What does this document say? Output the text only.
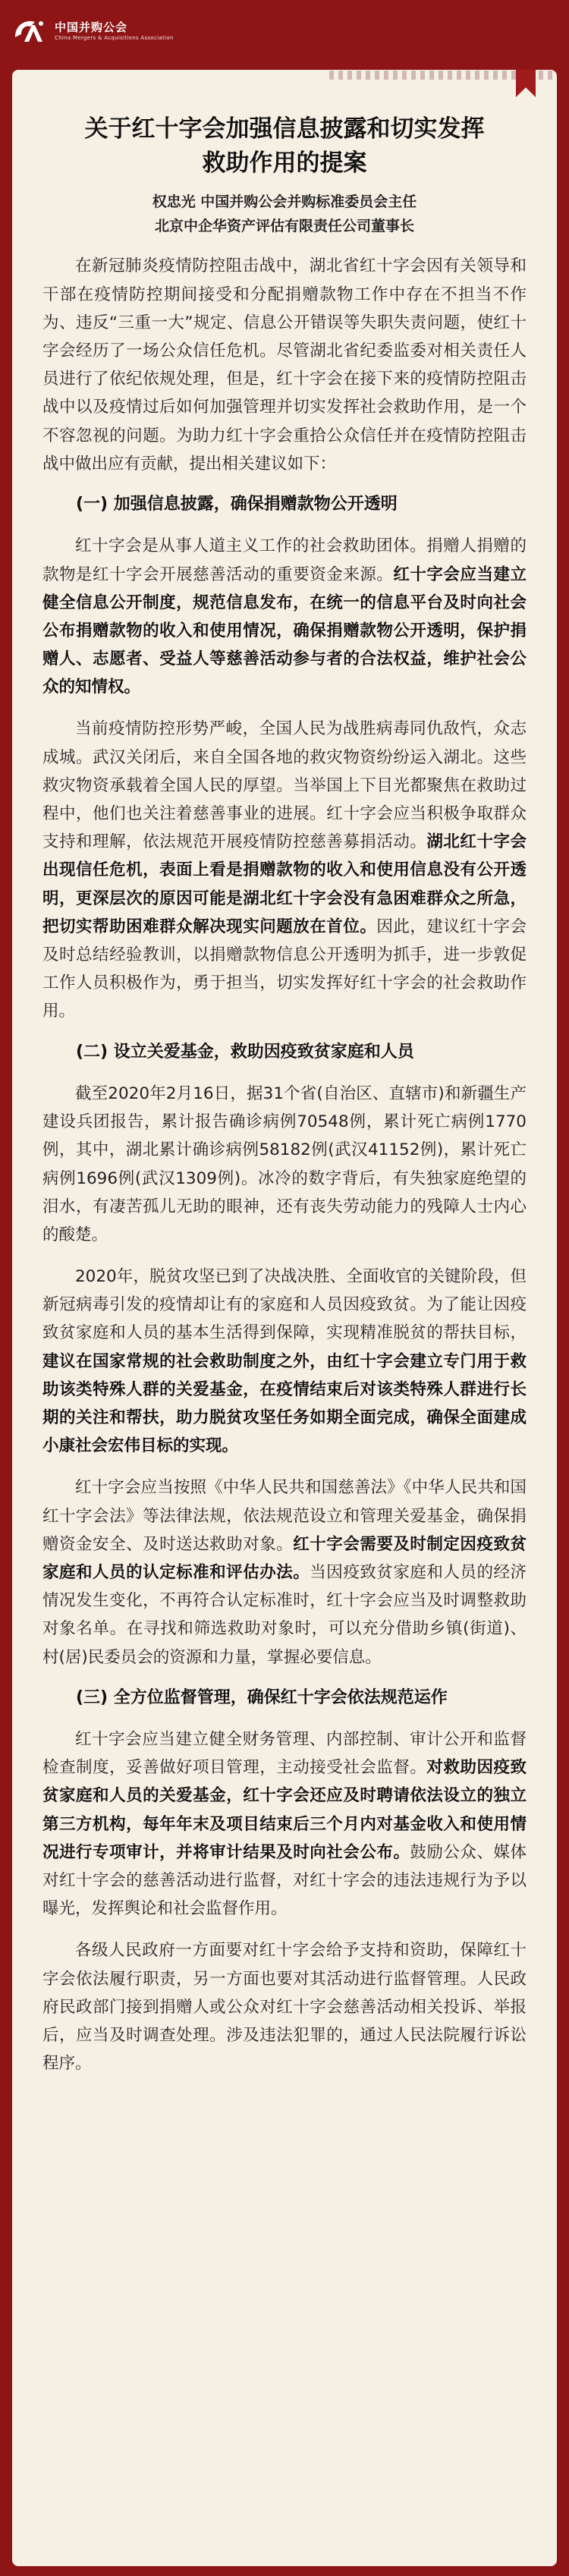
中国并购公会
China Mergers & Acquisitions Association
关于红十字会加强信息披露和切实发挥
救助作用的提案
权忠光 中国并购公会并购标准委员会主任
北京中企华资产评估有限责任公司董事长

在新冠肺炎疫情防控阻击战中，湖北省红十字会因有关领导和干部在疫情防控期间接受和分配捐赠款物工作中存在不担当不作为、违反“三重一大”规定、信息公开错误等失职失责问题，使红十字会经历了一场公众信任危机。尽管湖北省纪委监委对相关责任人员进行了依纪依规处理，但是，红十字会在接下来的疫情防控阻击战中以及疫情过后如何加强管理并切实发挥社会救助作用，是一个不容忽视的问题。为助力红十字会重拾公众信任并在疫情防控阻击战中做出应有贡献，提出相关建议如下：

(一) 加强信息披露，确保捐赠款物公开透明

红十字会是从事人道主义工作的社会救助团体。捐赠人捐赠的款物是红十字会开展慈善活动的重要资金来源。红十字会应当建立健全信息公开制度，规范信息发布，在统一的信息平台及时向社会公布捐赠款物的收入和使用情况，确保捐赠款物公开透明，保护捐赠人、志愿者、受益人等慈善活动参与者的合法权益，维护社会公众的知情权。

当前疫情防控形势严峻，全国人民为战胜病毒同仇敌忾，众志成城。武汉关闭后，来自全国各地的救灾物资纷纷运入湖北。这些救灾物资承载着全国人民的厚望。当举国上下目光都聚焦在救助过程中，他们也关注着慈善事业的进展。红十字会应当积极争取群众支持和理解，依法规范开展疫情防控慈善募捐活动。湖北红十字会出现信任危机，表面上看是捐赠款物的收入和使用信息没有公开透明，更深层次的原因可能是湖北红十字会没有急困难群众之所急，把切实帮助困难群众解决现实问题放在首位。因此，建议红十字会及时总结经验教训，以捐赠款物信息公开透明为抓手，进一步敦促工作人员积极作为，勇于担当，切实发挥好红十字会的社会救助作用。

(二) 设立关爱基金，救助因疫致贫家庭和人员

截至2020年2月16日，据31个省(自治区、直辖市)和新疆生产建设兵团报告，累计报告确诊病例70548例，累计死亡病例1770例，其中，湖北累计确诊病例58182例(武汉41152例)，累计死亡病例1696例(武汉1309例)。冰冷的数字背后，有失独家庭绝望的泪水，有凄苦孤儿无助的眼神，还有丧失劳动能力的残障人士内心的酸楚。

2020年，脱贫攻坚已到了决战决胜、全面收官的关键阶段，但新冠病毒引发的疫情却让有的家庭和人员因疫致贫。为了能让因疫致贫家庭和人员的基本生活得到保障，实现精准脱贫的帮扶目标，建议在国家常规的社会救助制度之外，由红十字会建立专门用于救助该类特殊人群的关爱基金，在疫情结束后对该类特殊人群进行长期的关注和帮扶，助力脱贫攻坚任务如期全面完成，确保全面建成小康社会宏伟目标的实现。

红十字会应当按照《中华人民共和国慈善法》《中华人民共和国红十字会法》等法律法规，依法规范设立和管理关爱基金，确保捐赠资金安全、及时送达救助对象。红十字会需要及时制定因疫致贫家庭和人员的认定标准和评估办法。当因疫致贫家庭和人员的经济情况发生变化，不再符合认定标准时，红十字会应当及时调整救助对象名单。在寻找和筛选救助对象时，可以充分借助乡镇(街道)、村(居)民委员会的资源和力量，掌握必要信息。

(三) 全方位监督管理，确保红十字会依法规范运作

红十字会应当建立健全财务管理、内部控制、审计公开和监督检查制度，妥善做好项目管理，主动接受社会监督。对救助因疫致贫家庭和人员的关爱基金，红十字会还应及时聘请依法设立的独立第三方机构，每年年末及项目结束后三个月内对基金收入和使用情况进行专项审计，并将审计结果及时向社会公布。鼓励公众、媒体对红十字会的慈善活动进行监督，对红十字会的违法违规行为予以曝光，发挥舆论和社会监督作用。

各级人民政府一方面要对红十字会给予支持和资助，保障红十字会依法履行职责，另一方面也要对其活动进行监督管理。人民政府民政部门接到捐赠人或公众对红十字会慈善活动相关投诉、举报后，应当及时调查处理。涉及违法犯罪的，通过人民法院履行诉讼程序。
